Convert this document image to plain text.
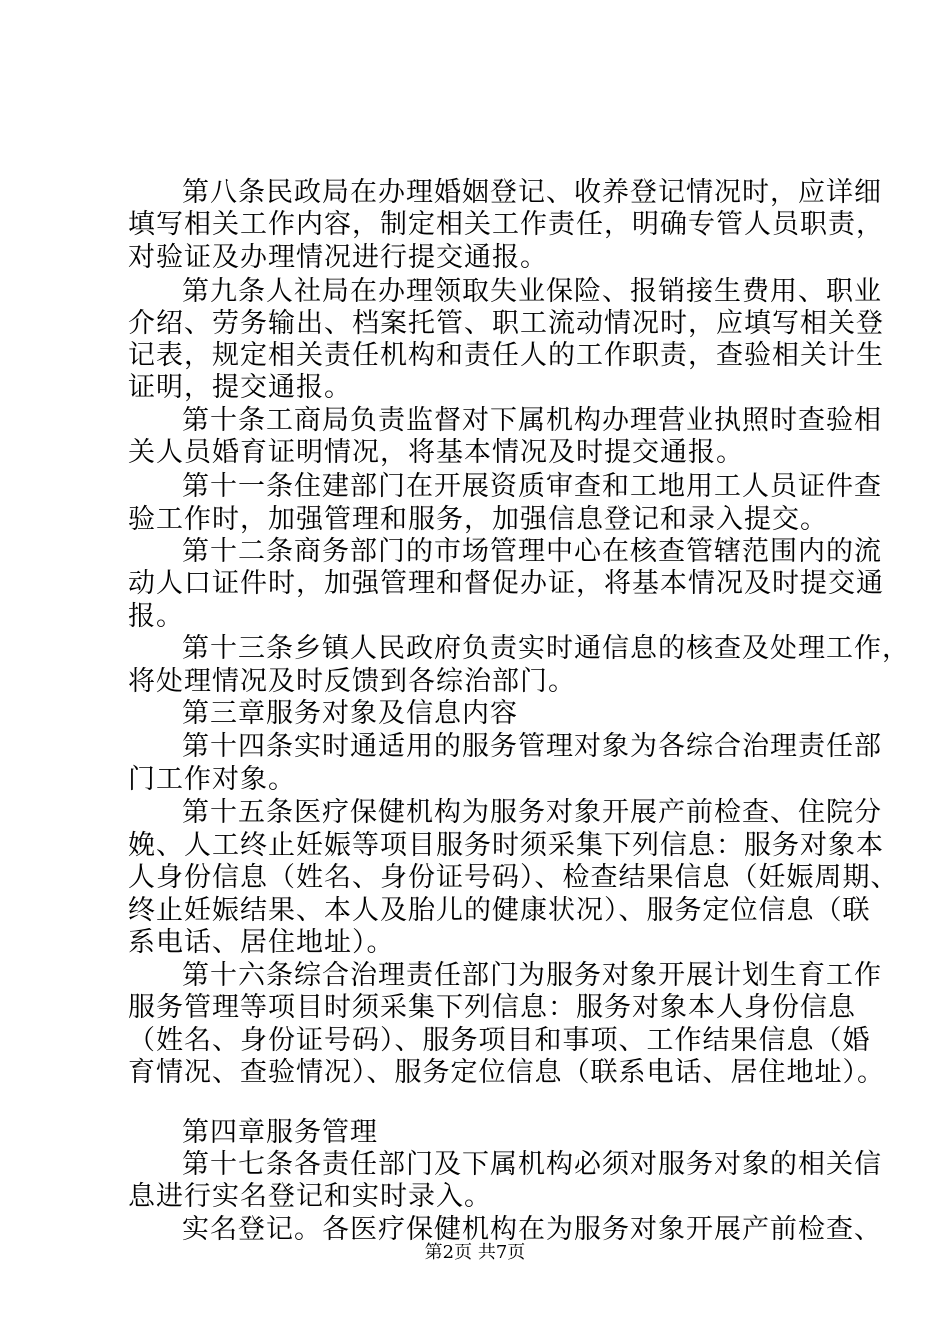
第八条民政局在办理婚姻登记、收养登记情况时，应详细
填写相关工作内容，制定相关工作责任，明确专管人员职责，
对验证及办理情况进行提交通报。
第九条人社局在办理领取失业保险、报销接生费用、职业
介绍、劳务输出、档案托管、职工流动情况时，应填写相关登
记表，规定相关责任机构和责任人的工作职责，查验相关计生
证明，提交通报。
第十条工商局负责监督对下属机构办理营业执照时查验相
关人员婚育证明情况，将基本情况及时提交通报。
第十一条住建部门在开展资质审查和工地用工人员证件查
验工作时，加强管理和服务，加强信息登记和录入提交。
第十二条商务部门的市场管理中心在核查管辖范围内的流
动人口证件时，加强管理和督促办证，将基本情况及时提交通
报。
第十三条乡镇人民政府负责实时通信息的核查及处理工作，
将处理情况及时反馈到各综治部门。
第三章服务对象及信息内容
第十四条实时通适用的服务管理对象为各综合治理责任部
门工作对象。
第十五条医疗保健机构为服务对象开展产前检查、住院分
娩、人工终止妊娠等项目服务时须采集下列信息：服务对象本
人身份信息（姓名、身份证号码）、检查结果信息（妊娠周期、
终止妊娠结果、本人及胎儿的健康状况）、服务定位信息（联
系电话、居住地址）。
第十六条综合治理责任部门为服务对象开展计划生育工作
服务管理等项目时须采集下列信息：服务对象本人身份信息
（姓名、身份证号码）、服务项目和事项、工作结果信息（婚
育情况、查验情况）、服务定位信息（联系电话、居住地址）。
第四章服务管理
第十七条各责任部门及下属机构必须对服务对象的相关信
息进行实名登记和实时录入。
实名登记。各医疗保健机构在为服务对象开展产前检查、
第2页 共7页
